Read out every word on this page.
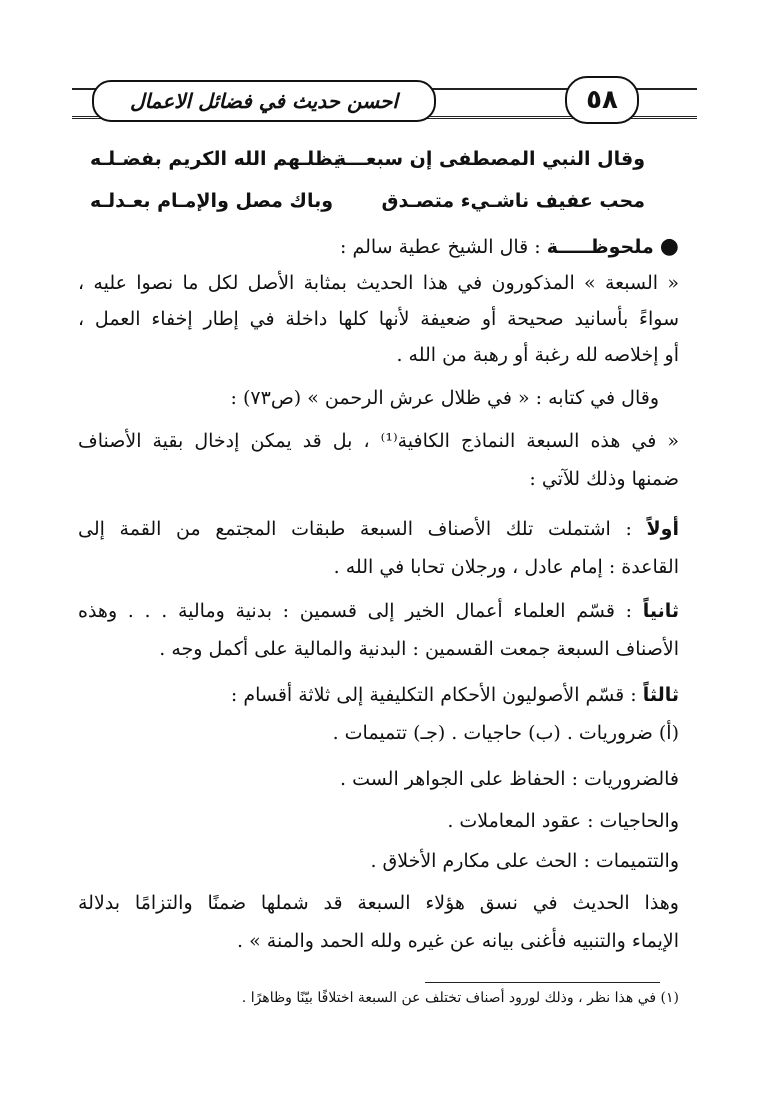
٥٨
احسن حديث في فضائل الاعمال
وقال النبي المصطفى إن سبعـــة
يظلـهم الله الكريم بفضـلـه
محب عفيف ناشـيء متصـدق
وباك مصل والإمـام بعـدلـه
● ملحوظـــــة : قال الشيخ عطية سالم :
« السبعة » المذكورون في هذا الحديث بمثابة الأصل لكل ما نصوا عليه ،
سواءً بأسانيد صحيحة أو ضعيفة لأنها كلها داخلة في إطار إخفاء العمل ،
أو إخلاصه لله رغبة أو رهبة من الله .
وقال في كتابه : « في ظلال عرش الرحمن » (ص٧٣) :
« في هذه السبعة النماذج الكافية⁽¹⁾ ، بل قد يمكن إدخال بقية الأصناف
ضمنها وذلك للآتي :
أولاً : اشتملت تلك الأصناف السبعة طبقات المجتمع من القمة إلى
القاعدة : إمام عادل ، ورجلان تحابا في الله .
ثانياً : قسّم العلماء أعمال الخير إلى قسمين : بدنية ومالية . . . وهذه
الأصناف السبعة جمعت القسمين : البدنية والمالية على أكمل وجه .
ثالثاً : قسّم الأصوليون الأحكام التكليفية إلى ثلاثة أقسام :
(أ) ضروريات . (ب) حاجيات . (جـ) تتميمات .
فالضروريات : الحفاظ على الجواهر الست .
والحاجيات : عقود المعاملات .
والتتميمات : الحث على مكارم الأخلاق .
وهذا الحديث في نسق هؤلاء السبعة قد شملها ضمنًا والتزامًا بدلالة
الإيماء والتنبيه فأغنى بيانه عن غيره ولله الحمد والمنة » .
(١) في هذا نظر ، وذلك لورود أصناف تختلف عن السبعة اختلافًا بيّنًا وظاهرًا .
